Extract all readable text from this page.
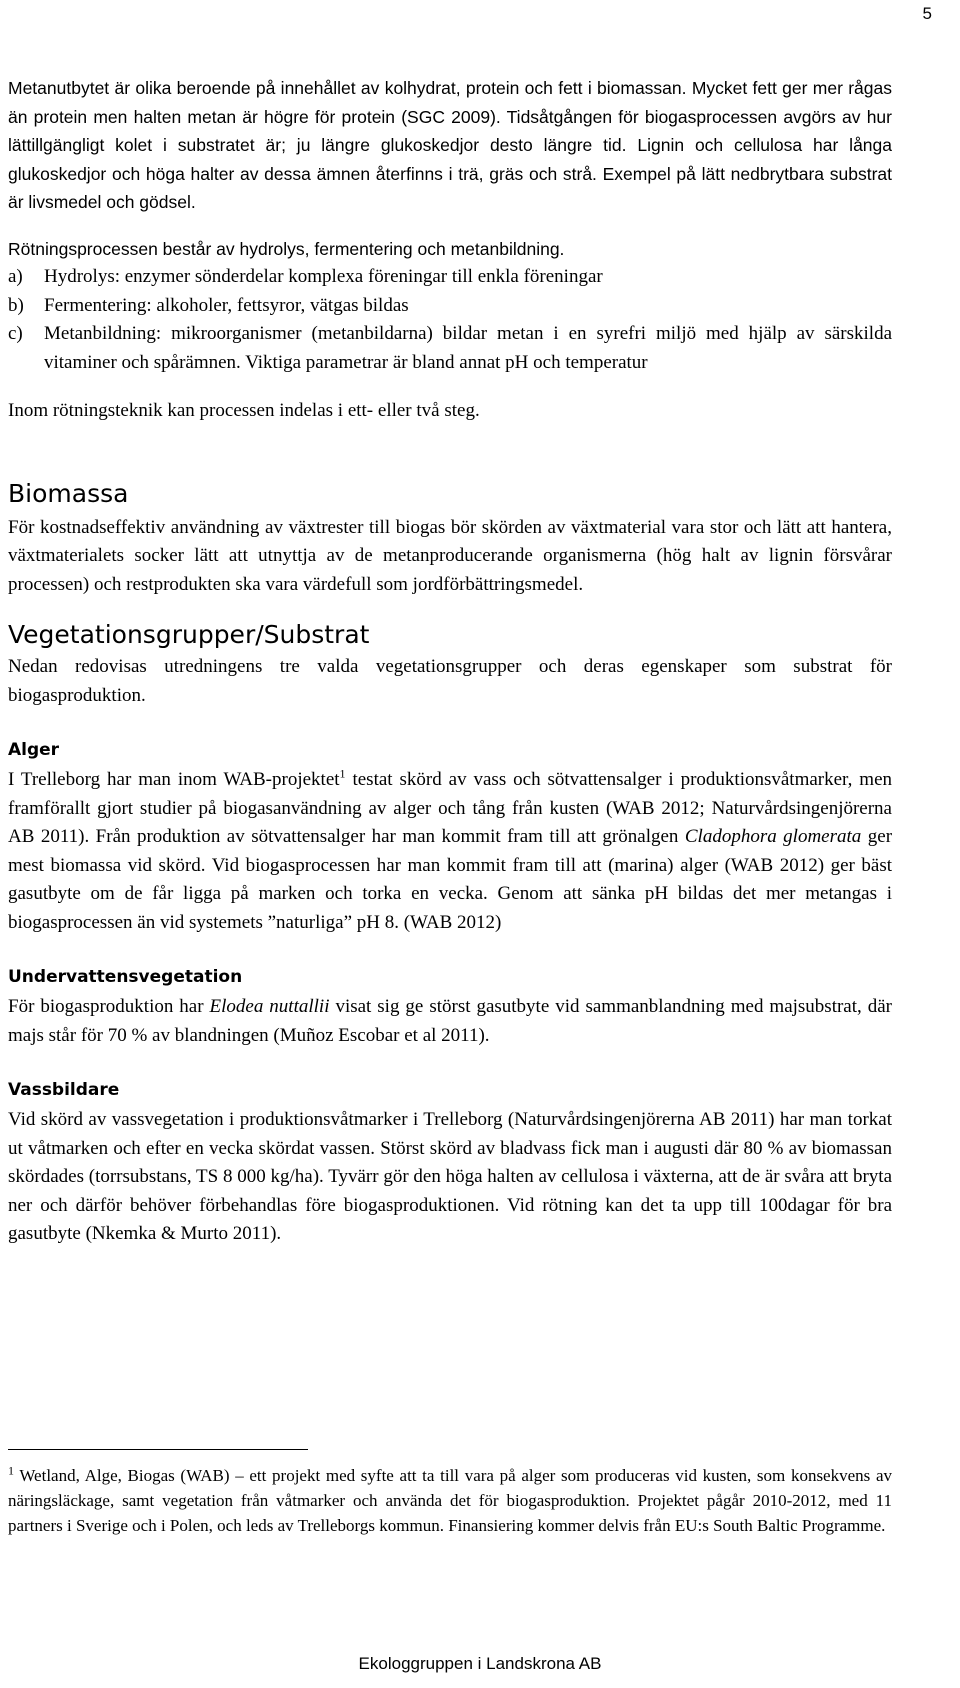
5

Metanutbytet är olika beroende på innehållet av kolhydrat, protein och fett i biomassan. Mycket fett ger mer rågas än protein men halten metan är högre för protein (SGC 2009). Tidsåtgången för biogasprocessen avgörs av hur lättillgängligt kolet i substratet är; ju längre glukoskedjor desto längre tid. Lignin och cellulosa har långa glukoskedjor och höga halter av dessa ämnen återfinns i trä, gräs och strå. Exempel på lätt nedbrytbara substrat är livsmedel och gödsel.

Rötningsprocessen består av hydrolys, fermentering och metanbildning.

a) Hydrolys: enzymer sönderdelar komplexa föreningar till enkla föreningar
b) Fermentering: alkoholer, fettsyror, vätgas bildas
c) Metanbildning: mikroorganismer (metanbildarna) bildar metan i en syrefri miljö med hjälp av särskilda vitaminer och spårämnen. Viktiga parametrar är bland annat pH och temperatur

Inom rötningsteknik kan processen indelas i ett- eller två steg.

Biomassa

För kostnadseffektiv användning av växtrester till biogas bör skörden av växtmaterial vara stor och lätt att hantera, växtmaterialets socker lätt att utnyttja av de metanproducerande organismerna (hög halt av lignin försvårar processen) och restprodukten ska vara värdefull som jordförbättringsmedel.

Vegetationsgrupper/Substrat

Nedan redovisas utredningens tre valda vegetationsgrupper och deras egenskaper som substrat för biogasproduktion.

Alger

I Trelleborg har man inom WAB-projektet$^1$ testat skörd av vass och sötvattensalger i produktionsvåtmarker, men framförallt gjort studier på biogasanvändning av alger och tång från kusten (WAB 2012; Naturvårdsingenjörerna AB 2011). Från produktion av sötvattensalger har man kommit fram till att grönalgen Cladophora glomerata ger mest biomassa vid skörd. Vid biogasprocessen har man kommit fram till att (marina) alger (WAB 2012) ger bäst gasutbyte om de får ligga på marken och torka en vecka. Genom att sänka pH bildas det mer metangas i biogasprocessen än vid systemets ”naturliga” pH 8. (WAB 2012)

Undervattensvegetation

För biogasproduktion har Elodea nuttallii visat sig ge störst gasutbyte vid sammanblandning med majsubstrat, där majs står för 70 % av blandningen (Muñoz Escobar et al 2011).

Vassbildare

Vid skörd av vassvegetation i produktionsvåtmarker i Trelleborg (Naturvårdsingenjörerna AB 2011) har man torkat ut våtmarken och efter en vecka skördat vassen. Störst skörd av bladvass fick man i augusti där 80 % av biomassan skördades (torrsubstans, TS 8 000 kg/ha). Tyvärr gör den höga halten av cellulosa i växterna, att de är svåra att bryta ner och därför behöver förbehandlas före biogasproduktionen. Vid rötning kan det ta upp till 100dagar för bra gasutbyte (Nkemka & Murto 2011).

$^1$ Wetland, Alge, Biogas (WAB) – ett projekt med syfte att ta till vara på alger som produceras vid kusten, som konsekvens av näringsläckage, samt vegetation från våtmarker och använda det för biogasproduktion. Projektet pågår 2010-2012, med 11 partners i Sverige och i Polen, och leds av Trelleborgs kommun. Finansiering kommer delvis från EU:s South Baltic Programme.

Ekologgruppen i Landskrona AB
